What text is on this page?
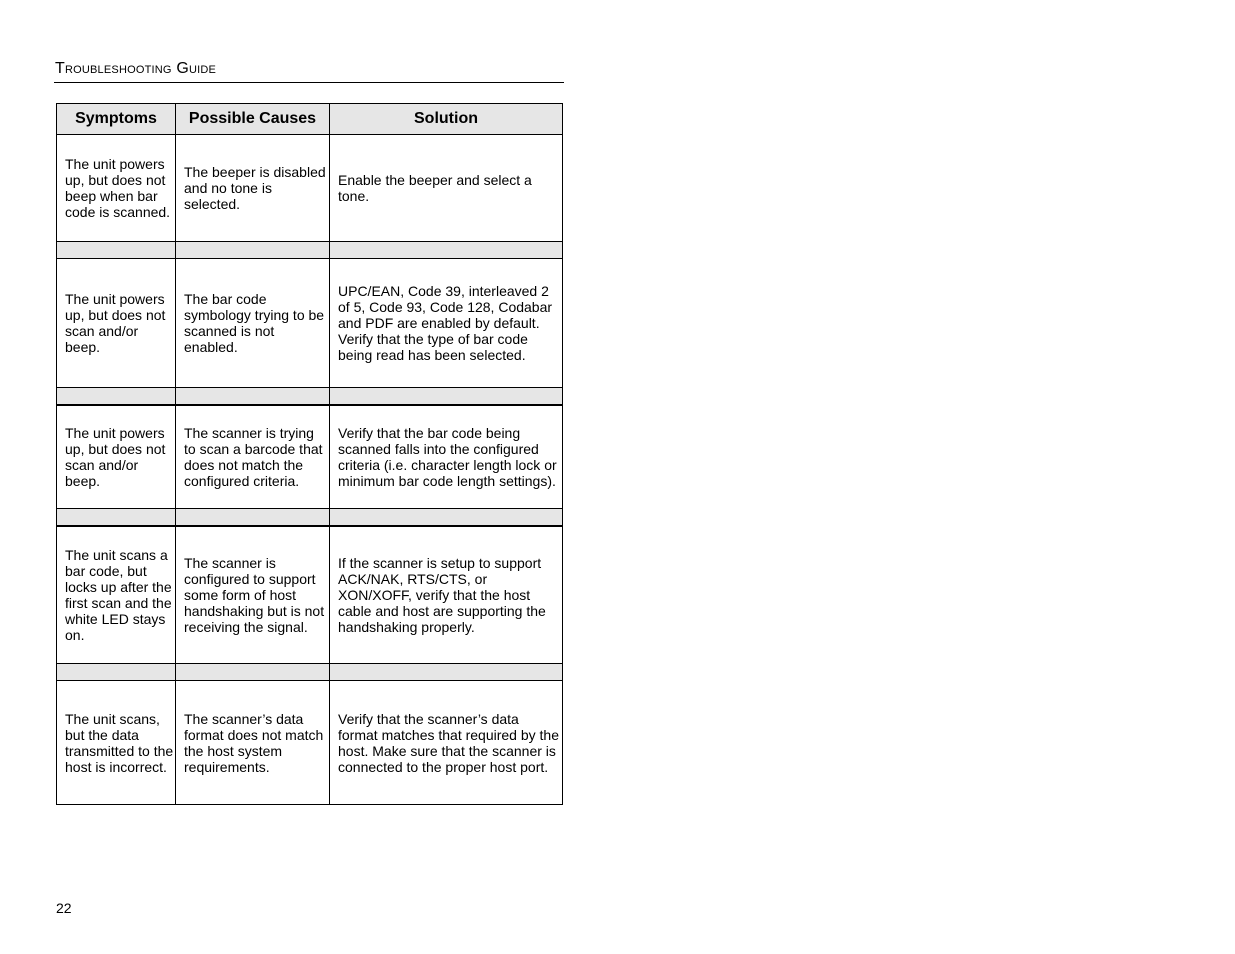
Troubleshooting Guide
Symptoms	Possible Causes	Solution
The unit powers up, but does not beep when bar code is scanned.	The beeper is disabled and no tone is selected.	Enable the beeper and select a tone.

The unit powers up, but does not scan and/or beep.	The bar code symbology trying to be scanned is not enabled.	UPC/EAN, Code 39, interleaved 2 of 5, Code 93, Code 128, Codabar and PDF are enabled by default. Verify that the type of bar code being read has been selected.

The unit powers up, but does not scan and/or beep.	The scanner is trying to scan a barcode that does not match the configured criteria.	Verify that the bar code being scanned falls into the configured criteria (i.e. character length lock or minimum bar code length settings).

The unit scans a bar code, but locks up after the first scan and the white LED stays on.	The scanner is configured to support some form of host handshaking but is not receiving the signal.	If the scanner is setup to support ACK/NAK, RTS/CTS, or XON/XOFF, verify that the host cable and host are supporting the handshaking properly.

The unit scans, but the data transmitted to the host is incorrect.	The scanner’s data format does not match the host system requirements.	Verify that the scanner’s data format matches that required by the host. Make sure that the scanner is connected to the proper host port.
22
